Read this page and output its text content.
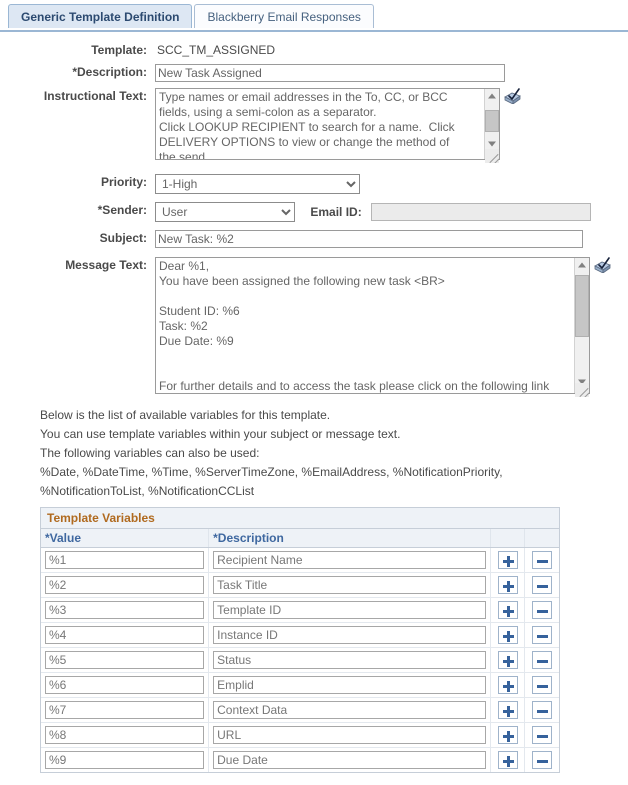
Generic Template Definition Blackberry Email Responses
Template: SCC_TM_ASSIGNED
*Description:
New Task Assigned
Instructional Text:
Type names or email addresses in the To, CC, or BCC fields, using a semi-colon as a separator. Click LOOKUP RECIPIENT to search for a name. Click DELIVERY OPTIONS to view or change the method of the send
Priority:
1-High
*Sender:
User	Email ID:
Subject:
New Task: %2
Message Text:
Dear %1, You have been assigned the following new task <BR> Student ID: %6 Task: %2 Due Date: %9 For further details and to access the task please click on the following link
Below is the list of available variables for this template.
You can use template variables within your subject or message text.
The following variables can also be used:
%Date, %DateTime, %Time, %ServerTimeZone, %EmailAddress, %NotificationPriority,
%NotificationToList, %NotificationCCList
Template Variables
*Value	*Description		
%1	Recipient Name		
%2	Task Title		
%3	Template ID		
%4	Instance ID		
%5	Status		
%6	Emplid		
%7	Context Data		
%8	URL		
%9	Due Date		
